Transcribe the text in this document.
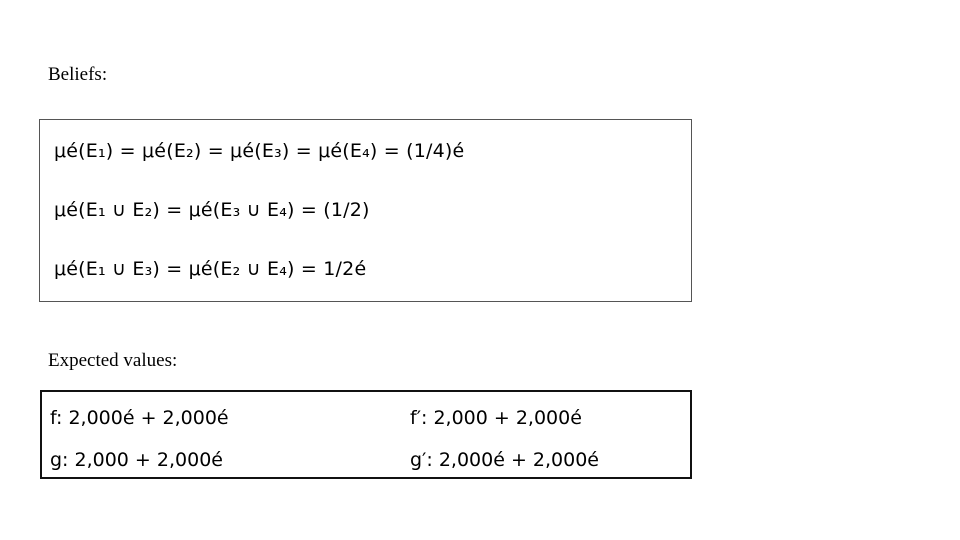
Beliefs:
μé(E₁) = μé(E₂) = μé(E₃) = μé(E₄) = (1/4)é
μé(E₁ ∪ E₂) = μé(E₃ ∪ E₄) = (1/2)
μé(E₁ ∪ E₃) = μé(E₂ ∪ E₄) = 1/2é
Expected values:
f: 2,000é + 2,000é	f′: 2,000 + 2,000é
g: 2,000 + 2,000é	g′: 2,000é + 2,000é
